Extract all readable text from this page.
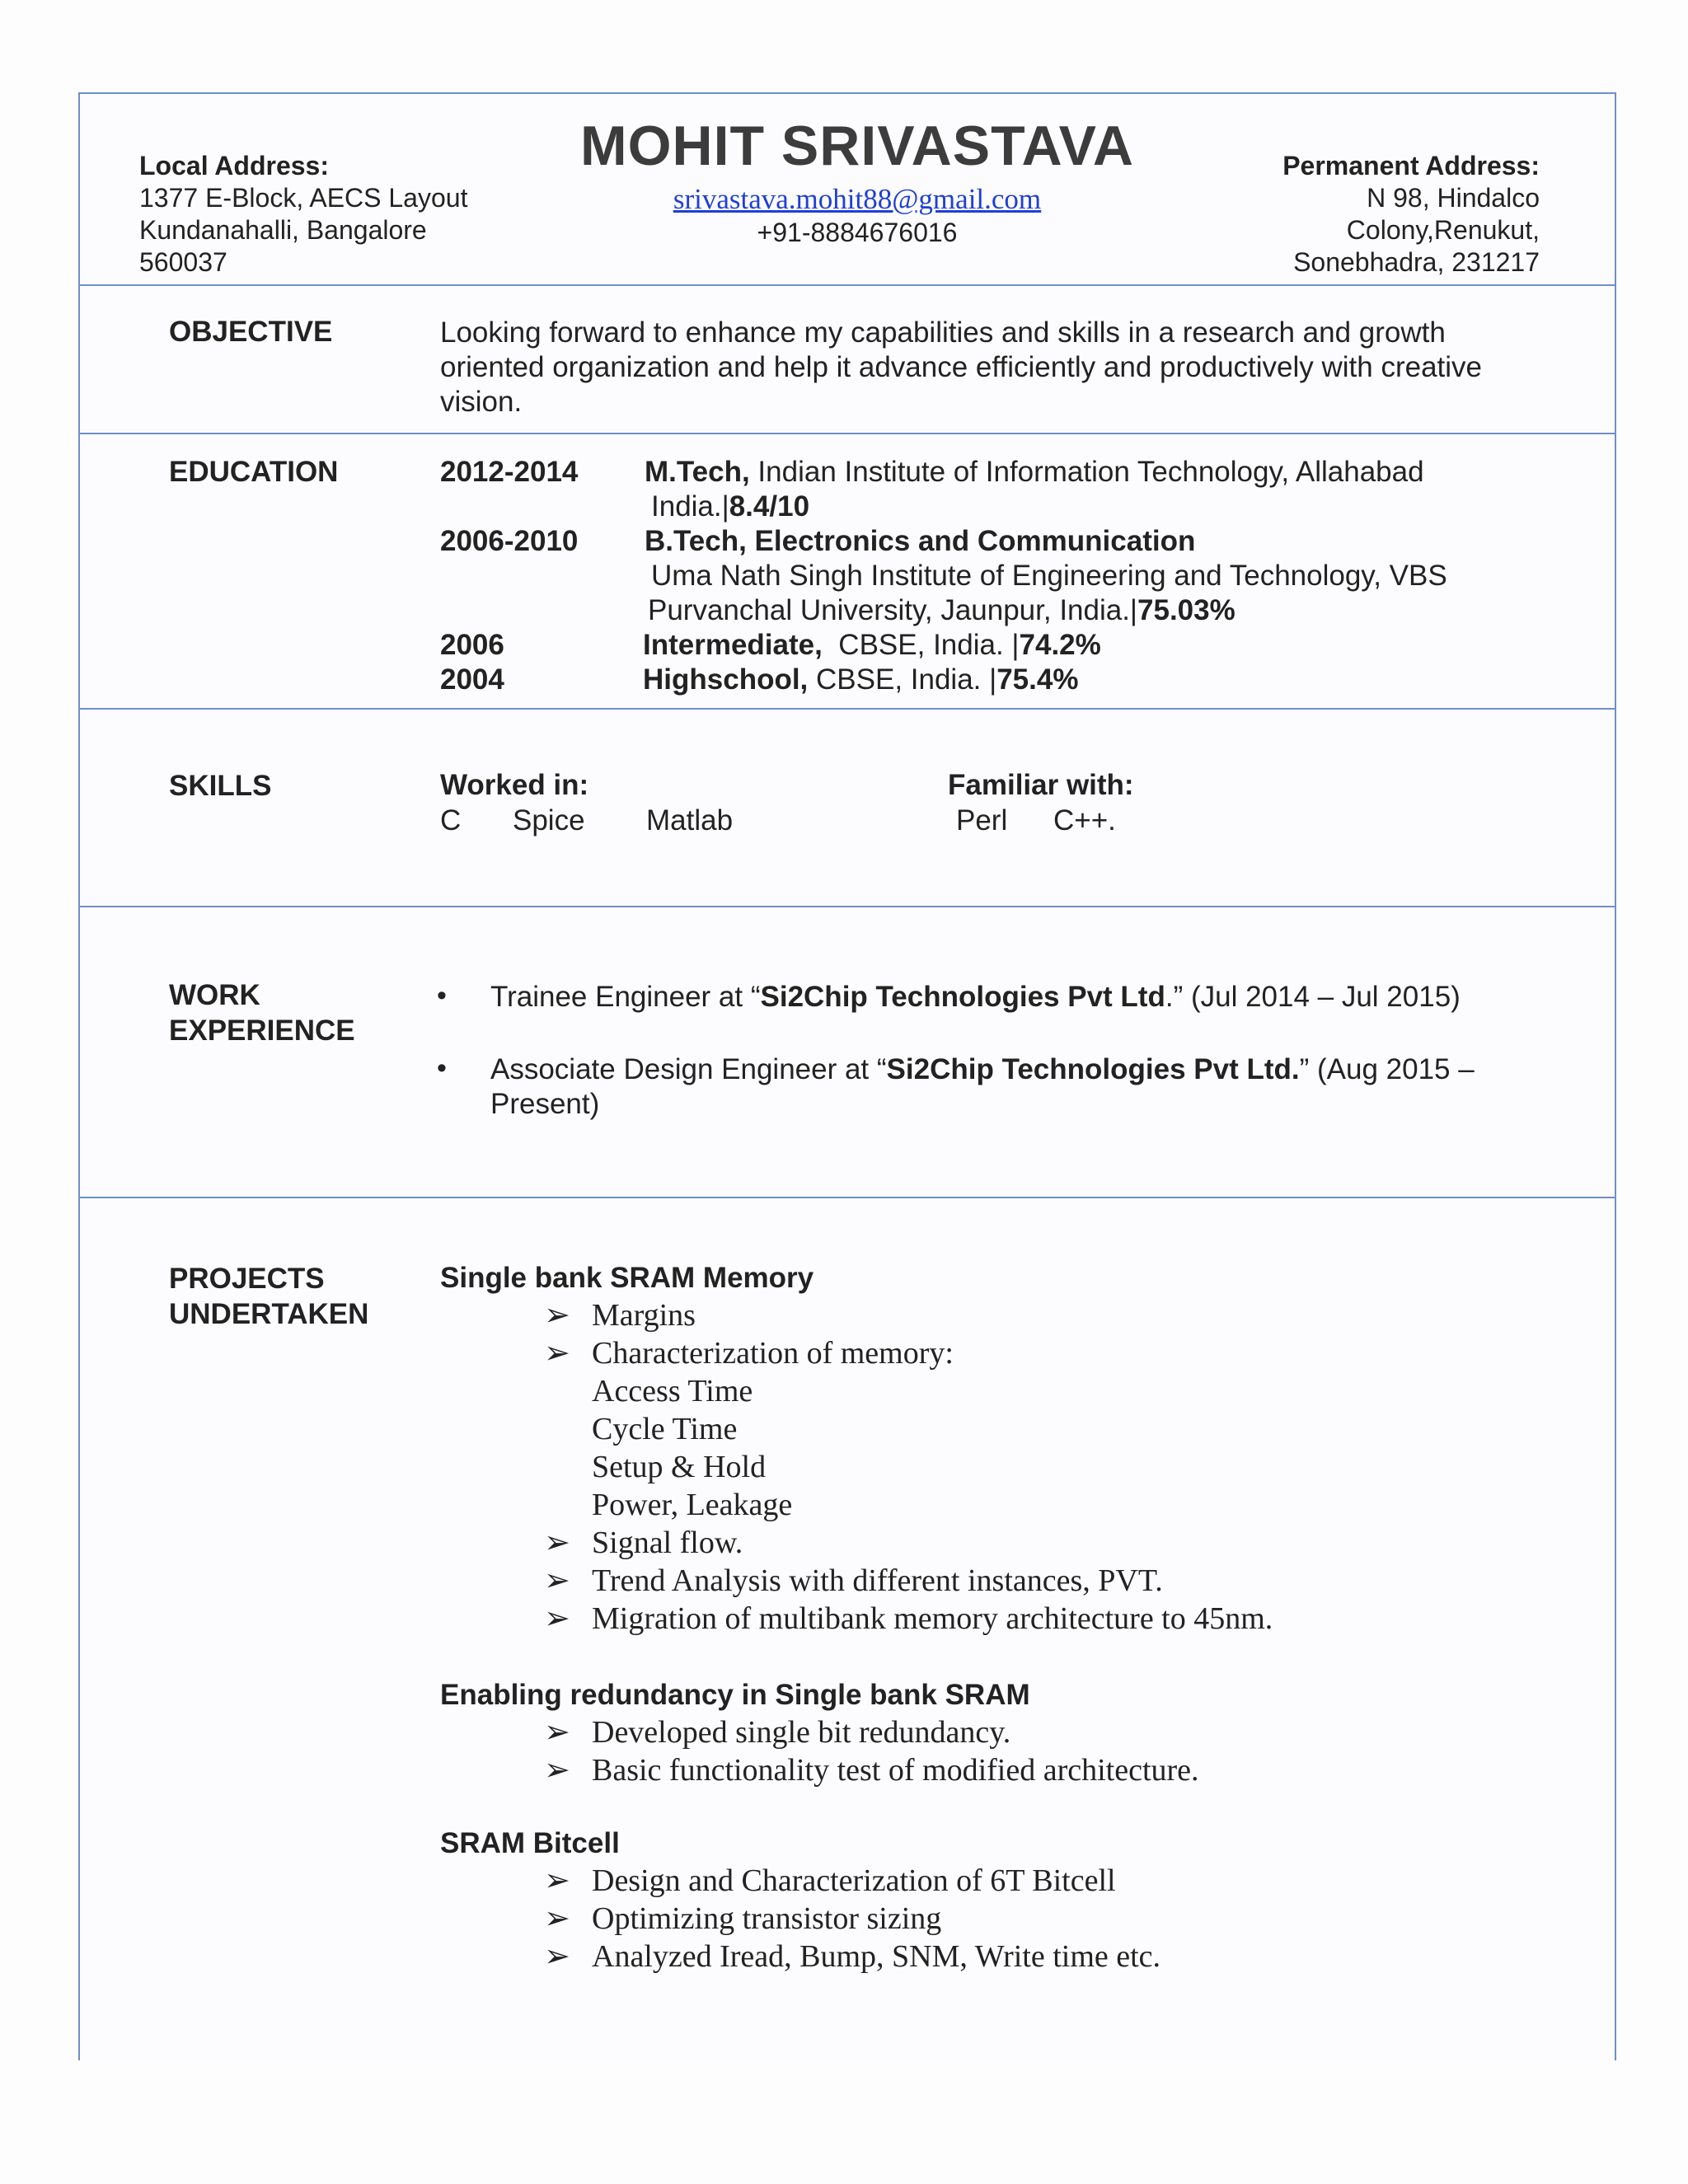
Local Address:
1377 E-Block, AECS Layout
Kundanahalli, Bangalore
560037
MOHIT SRIVASTAVA
srivastava.mohit88@gmail.com
+91-8884676016
Permanent Address:
N 98, Hindalco
Colony,Renukut,
Sonebhadra, 231217
OBJECTIVE	Looking forward to enhance my capabilities and skills in a research and growth
oriented organization and help it advance efficiently and productively with creative
vision.
EDUCATION	2012-2014 M.Tech, Indian Institute of Information Technology, Allahabad
India.|8.4/10
2006-2010 B.Tech, Electronics and Communication
Uma Nath Singh Institute of Engineering and Technology, VBS
Purvanchal University, Jaunpur, India.|75.03%
2006	Intermediate,  CBSE, India. |74.2%
2004	Highschool, CBSE, India. |75.4%
SKILLS	Worked in:
C Spice Matlab
Familiar with:
Perl C++.
WORK
EXPERIENCE
• Trainee Engineer at “Si2Chip Technologies Pvt Ltd.” (Jul 2014 – Jul 2015)
• Associate Design Engineer at “Si2Chip Technologies Pvt Ltd.” (Aug 2015 –
Present)
PROJECTS
UNDERTAKEN
Single bank SRAM Memory
➢ Margins
➢ Characterization of memory:
Access Time
Cycle Time
Setup & Hold
Power, Leakage
➢ Signal flow.
➢ Trend Analysis with different instances, PVT.
➢ Migration of multibank memory architecture to 45nm.
Enabling redundancy in Single bank SRAM
➢ Developed single bit redundancy.
➢ Basic functionality test of modified architecture.
SRAM Bitcell
➢ Design and Characterization of 6T Bitcell
➢ Optimizing transistor sizing
➢ Analyzed Iread, Bump, SNM, Write time etc.
